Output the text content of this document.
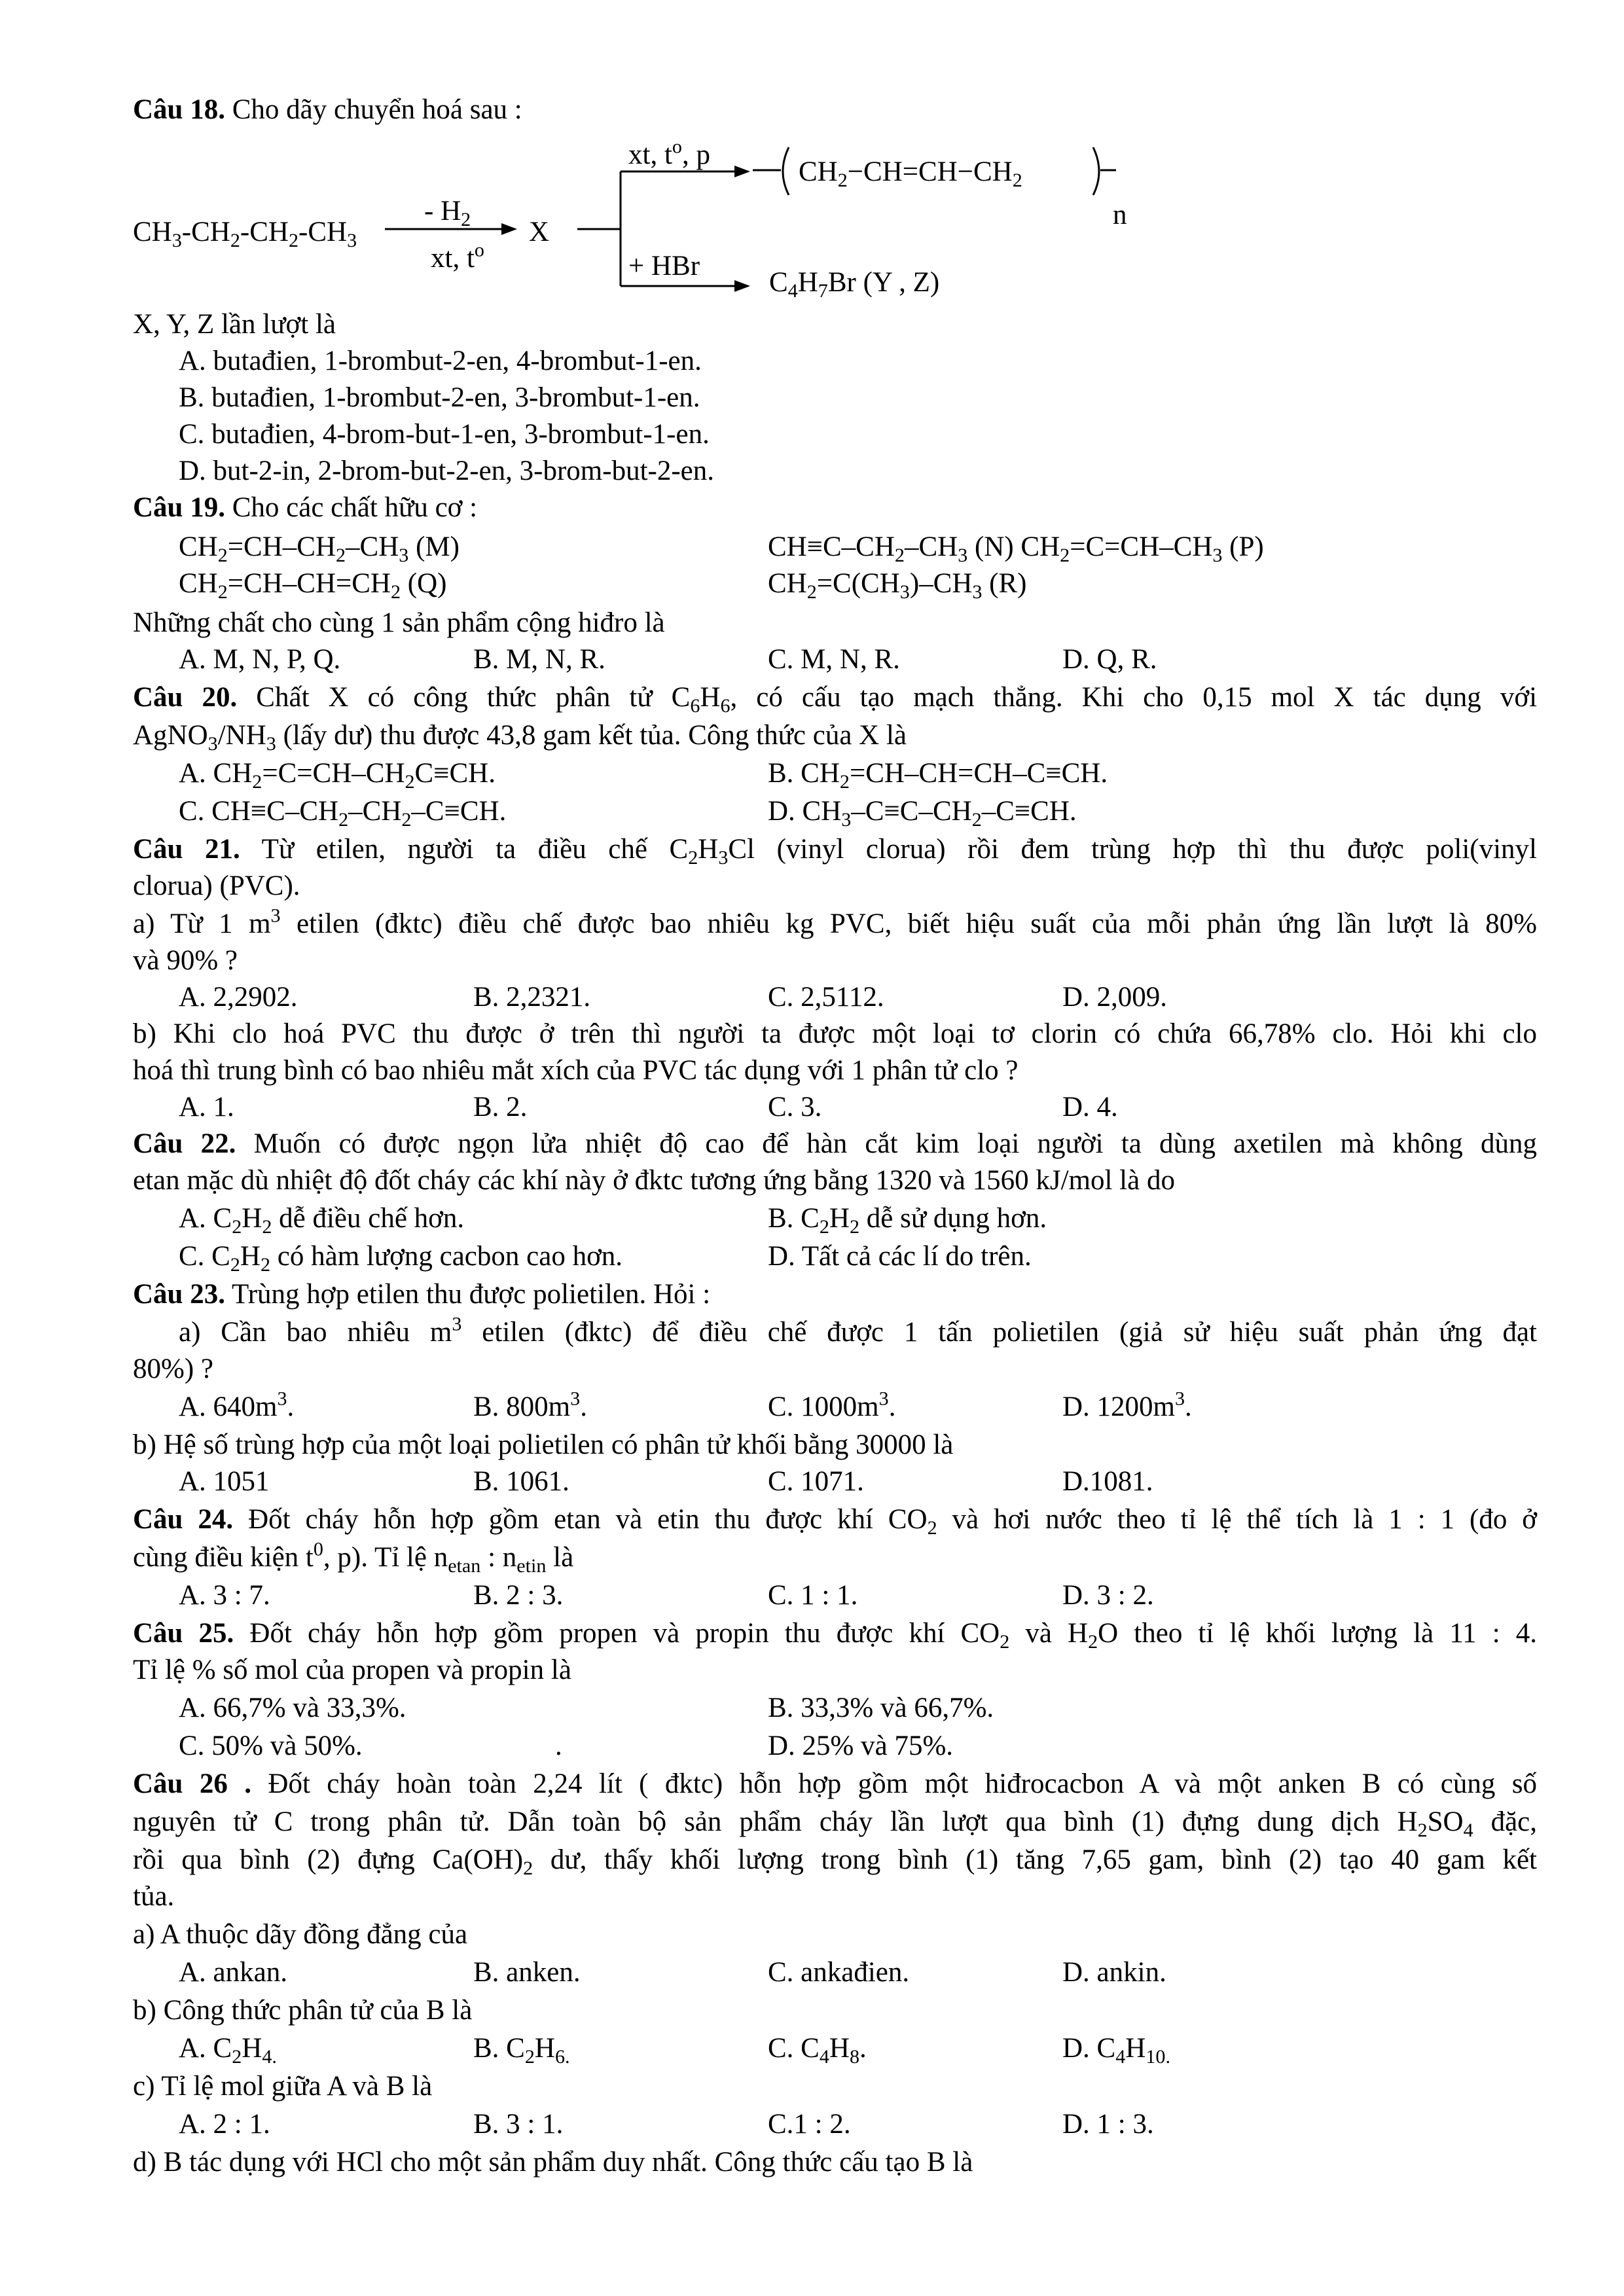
Câu 18. Cho dãy chuyển hoá sau :
$CH_3-CH_2-CH_2-CH_3$
- $H_2$
xt, $t^o$
X
xt, $t^o$, p
$CH_2-CH=CH-CH_2$
n
+ HBr
$C_4H_7Br$ (Y , Z)
X, Y, Z lần lượt là
A. butađien, 1-brombut-2-en, 4-brombut-1-en.
B. butađien, 1-brombut-2-en, 3-brombut-1-en.
C. butađien, 4-brom-but-1-en, 3-brombut-1-en.
D. but-2-in, 2-brom-but-2-en, 3-brom-but-2-en.
Câu 19. Cho các chất hữu cơ :
$CH_2=CH-CH_2-CH_3$ (M)	$CH\equiv C-CH_2-CH_3$ (N) $CH_2=C=CH-CH_3$ (P)
$CH_2=CH-CH=CH_2$ (Q)	$CH_2=C(CH_3)-CH_3$ (R)
Những chất cho cùng 1 sản phẩm cộng hiđro là
A. M, N, P, Q.	B. M, N, R.	C. M, N, R.	D. Q, R.
Câu 20. Chất X có công thức phân tử $C_6H_6$, có cấu tạo mạch thẳng. Khi cho 0,15 mol X tác dụng với
$AgNO_3/NH_3$ (lấy dư) thu được 43,8 gam kết tủa. Công thức của X là
A. $CH_2=C=CH-CH_2C\equiv CH$.	B. $CH_2=CH-CH=CH-C\equiv CH$.
C. $CH\equiv C-CH_2-CH_2-C\equiv CH$.	D. $CH_3-C\equiv C-CH_2-C\equiv CH$.
Câu 21. Từ etilen, người ta điều chế $C_2H_3Cl$ (vinyl clorua) rồi đem trùng hợp thì thu được poli(vinyl
clorua) (PVC).
a) Từ 1 $m^3$ etilen (đktc) điều chế được bao nhiêu kg PVC, biết hiệu suất của mỗi phản ứng lần lượt là 80%
và 90% ?
A. 2,2902.	B. 2,2321.	C. 2,5112.	D. 2,009.
b) Khi clo hoá PVC thu được ở trên thì người ta được một loại tơ clorin có chứa 66,78% clo. Hỏi khi clo
hoá thì trung bình có bao nhiêu mắt xích của PVC tác dụng với 1 phân tử clo ?
A. 1.	B. 2.	C. 3.	D. 4.
Câu 22. Muốn có được ngọn lửa nhiệt độ cao để hàn cắt kim loại người ta dùng axetilen mà không dùng
etan mặc dù nhiệt độ đốt cháy các khí này ở đktc tương ứng bằng 1320 và 1560 kJ/mol là do
A. $C_2H_2$ dễ điều chế hơn.	B. $C_2H_2$ dễ sử dụng hơn.
C. $C_2H_2$ có hàm lượng cacbon cao hơn.	D. Tất cả các lí do trên.
Câu 23. Trùng hợp etilen thu được polietilen. Hỏi :
a) Cần bao nhiêu $m^3$ etilen (đktc) để điều chế được 1 tấn polietilen (giả sử hiệu suất phản ứng đạt
80%) ?
A. $640m^3$.	B. $800m^3$.	C. $1000m^3$.	D. $1200m^3$.
b) Hệ số trùng hợp của một loại polietilen có phân tử khối bằng 30000 là
A. 1051	B. 1061.	C. 1071.	D.1081.
Câu 24. Đốt cháy hỗn hợp gồm etan và etin thu được khí $CO_2$ và hơi nước theo tỉ lệ thể tích là 1 : 1 (đo ở
cùng điều kiện $t^0$, p). Tỉ lệ $n_{etan}$ : $n_{etin}$ là
A. 3 : 7.	B. 2 : 3.	C. 1 : 1.	D. 3 : 2.
Câu 25. Đốt cháy hỗn hợp gồm propen và propin thu được khí $CO_2$ và $H_2O$ theo tỉ lệ khối lượng là 11 : 4.
Tỉ lệ % số mol của propen và propin là
A. 66,7% và 33,3%.	B. 33,3% và 66,7%.
C. 50% và 50%.	.	D. 25% và 75%.
Câu 26 . Đốt cháy hoàn toàn 2,24 lít ( đktc) hỗn hợp gồm một hiđrocacbon A và một anken B có cùng số
nguyên tử C trong phân tử. Dẫn toàn bộ sản phẩm cháy lần lượt qua bình (1) đựng dung dịch $H_2SO_4$ đặc,
rồi qua bình (2) đựng $Ca(OH)_2$ dư, thấy khối lượng trong bình (1) tăng 7,65 gam, bình (2) tạo 40 gam kết
tủa.
a) A thuộc dãy đồng đẳng của
A. ankan.	B. anken.	C. ankađien.	D. ankin.
b) Công thức phân tử của B là
A. $C_2H_{4.}$	B. $C_2H_{6.}$	C. $C_4H_8$.	D. $C_4H_{10.}$
c) Tỉ lệ mol giữa A và B là
A. 2 : 1.	B. 3 : 1.	C.1 : 2.	D. 1 : 3.
d) B tác dụng với HCl cho một sản phẩm duy nhất. Công thức cấu tạo B là
